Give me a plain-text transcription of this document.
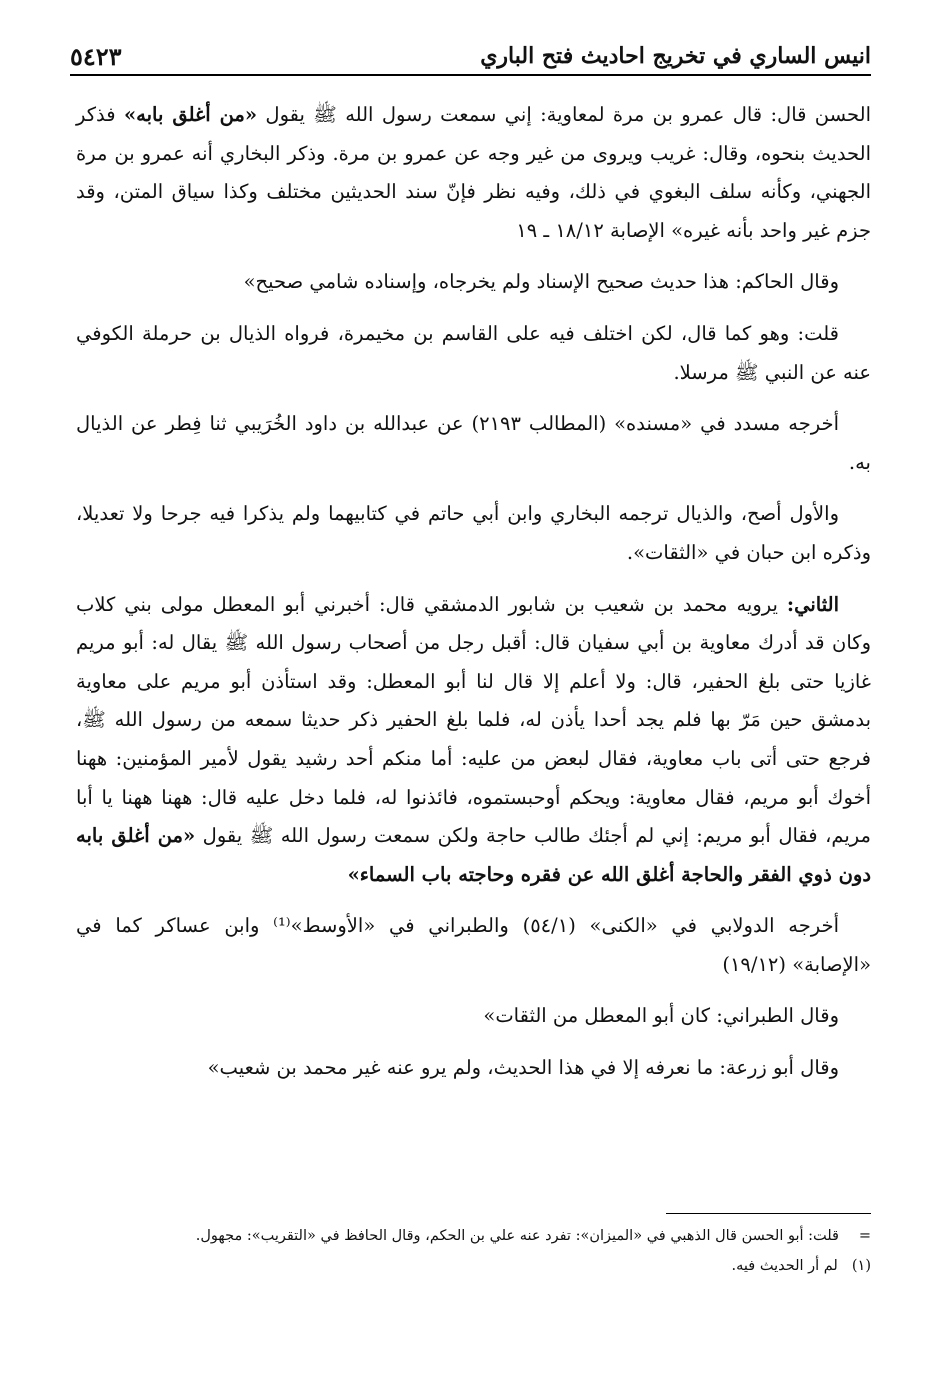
انيس الساري في تخريج احاديث فتح الباري
٥٤٢٣

الحسن قال: قال عمرو بن مرة لمعاوية: إني سمعت رسول الله ﷺ يقول «من أغلق بابه» فذكر الحديث بنحوه، وقال: غريب ويروى من غير وجه عن عمرو بن مرة. وذكر البخاري أنه عمرو بن مرة الجهني، وكأنه سلف البغوي في ذلك، وفيه نظر فإنّ سند الحديثين مختلف وكذا سياق المتن، وقد جزم غير واحد بأنه غيره» الإصابة ١٨/١٢ ـ ١٩

وقال الحاكم: هذا حديث صحيح الإسناد ولم يخرجاه، وإسناده شامي صحيح»

قلت: وهو كما قال، لكن اختلف فيه على القاسم بن مخيمرة، فرواه الذيال بن حرملة الكوفي عنه عن النبي ﷺ مرسلا.

أخرجه مسدد في «مسنده» (المطالب ٢١٩٣) عن عبدالله بن داود الخُرَيبي ثنا فِطر عن الذيال به.

والأول أصح، والذيال ترجمه البخاري وابن أبي حاتم في كتابيهما ولم يذكرا فيه جرحا ولا تعديلا، وذكره ابن حبان في «الثقات».

الثاني: يرويه محمد بن شعيب بن شابور الدمشقي قال: أخبرني أبو المعطل مولى بني كلاب وكان قد أدرك معاوية بن أبي سفيان قال: أقبل رجل من أصحاب رسول الله ﷺ يقال له: أبو مريم غازيا حتى بلغ الحفير، قال: ولا أعلم إلا قال لنا أبو المعطل: وقد استأذن أبو مريم على معاوية بدمشق حين مَرّ بها فلم يجد أحدا يأذن له، فلما بلغ الحفير ذكر حديثا سمعه من رسول الله ﷺ، فرجع حتى أتى باب معاوية، فقال لبعض من عليه: أما منكم أحد رشيد يقول لأمير المؤمنين: ههنا أخوك أبو مريم، فقال معاوية: ويحكم أوحبستموه، فائذنوا له، فلما دخل عليه قال: ههنا ههنا يا أبا مريم، فقال أبو مريم: إني لم أجئك طالب حاجة ولكن سمعت رسول الله ﷺ يقول «من أغلق بابه دون ذوي الفقر والحاجة أغلق الله عن فقره وحاجته باب السماء»

أخرجه الدولابي في «الكنى» (٥٤/١) والطبراني في «الأوسط»⁽¹⁾ وابن عساكر كما في «الإصابة» (١٩/١٢)

وقال الطبراني: كان أبو المعطل من الثقات»

وقال أبو زرعة: ما نعرفه إلا في هذا الحديث، ولم يرو عنه غير محمد بن شعيب»

=
قلت: أبو الحسن قال الذهبي في «الميزان»: تفرد عنه علي بن الحكم، وقال الحافظ في «التقريب»: مجهول.
(١)
لم أر الحديث فيه.
